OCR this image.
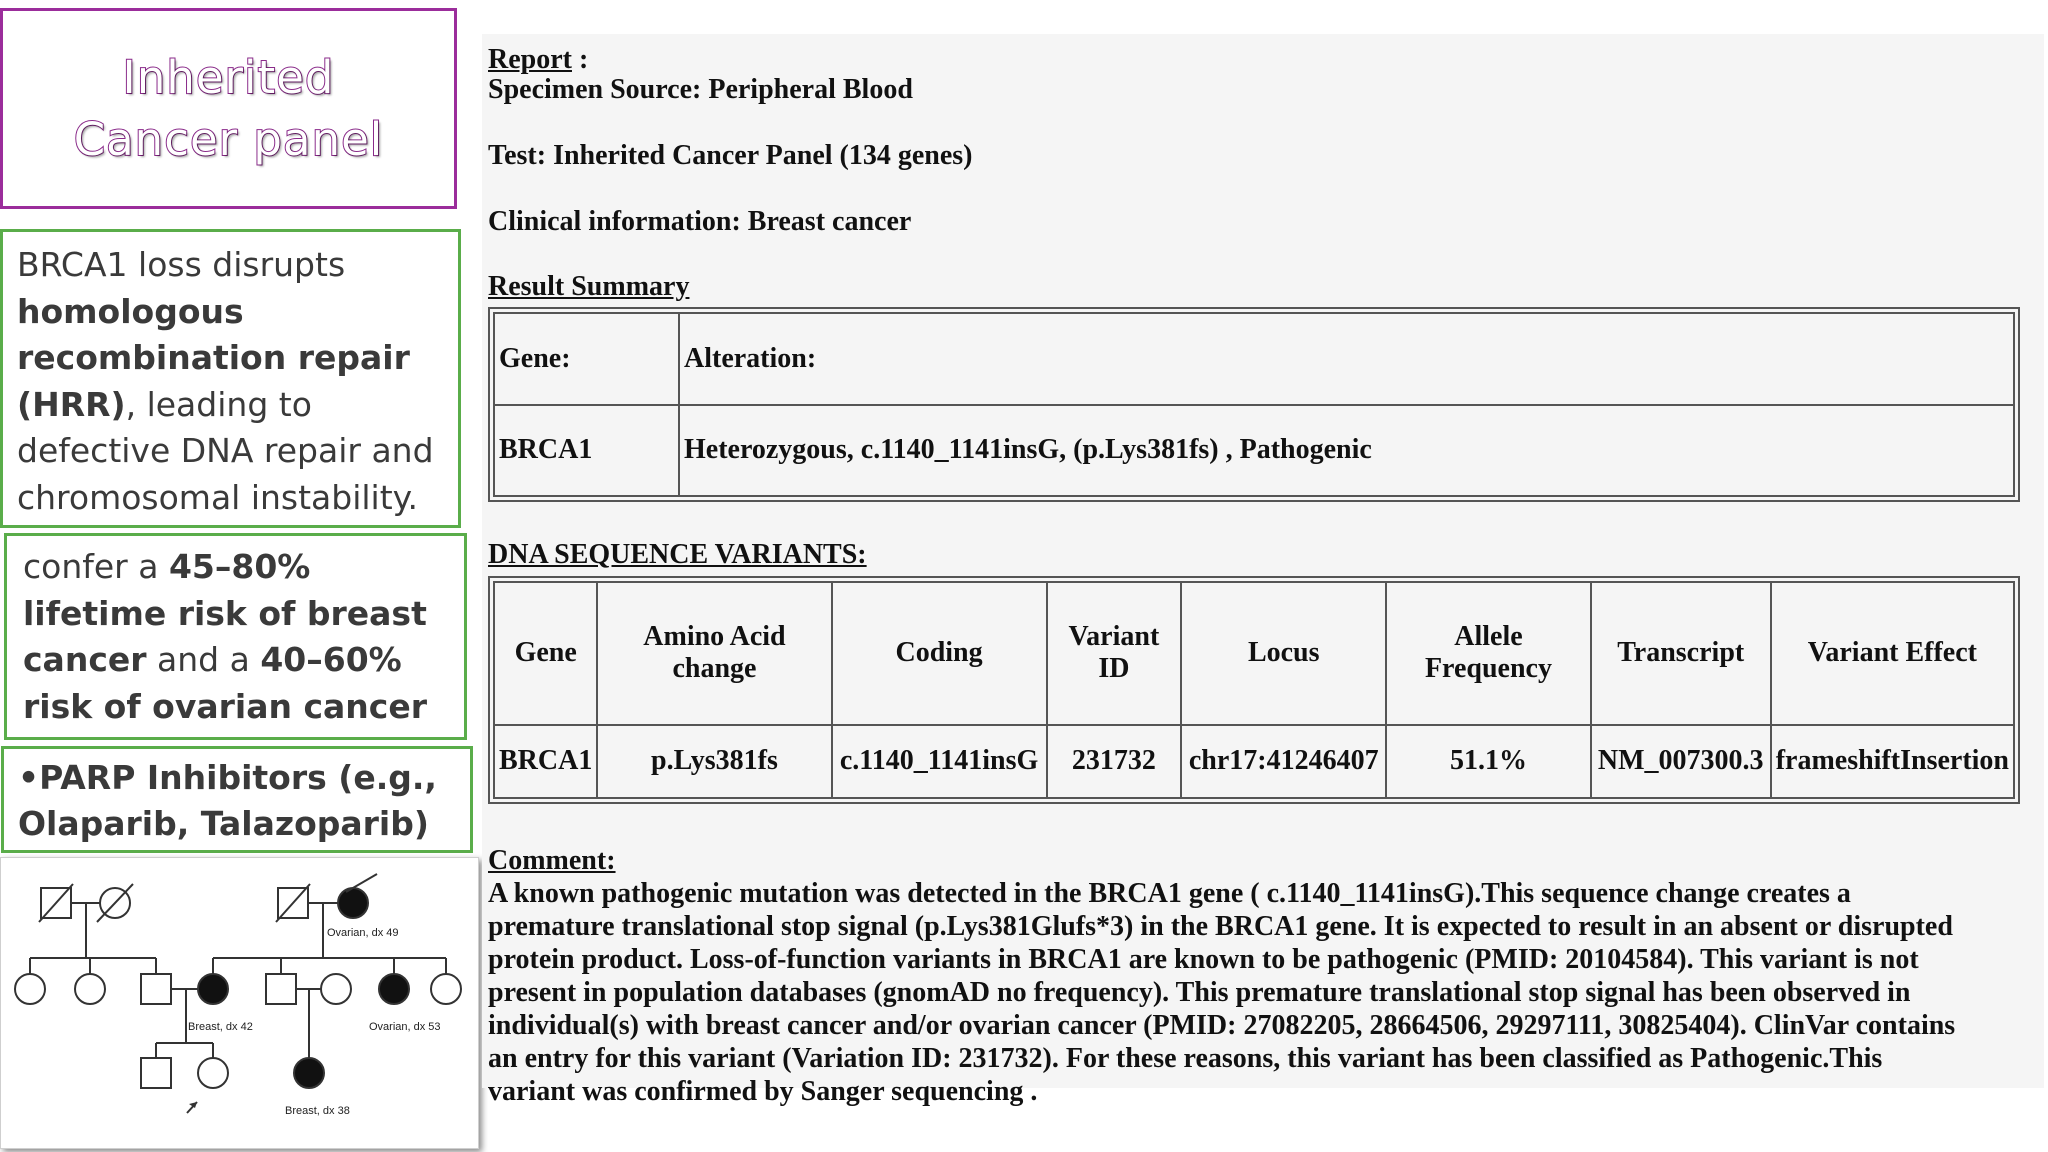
Inherited Cancer panel
BRCA1 loss disrupts homologous recombination repair (HRR), leading to defective DNA repair and chromosomal instability.
confer a 45–80% lifetime risk of breast cancer and a 40–60% risk of ovarian cancer
•PARP Inhibitors (e.g., Olaparib, Talazoparib)
Ovarian, dx 49
Breast, dx 42	Ovarian, dx 53
Breast, dx 38
Report :
Specimen Source: Peripheral Blood
Test: Inherited Cancer Panel (134 genes)
Clinical information: Breast cancer
Result Summary
Gene:	Alteration:
BRCA1	Heterozygous, c.1140_1141insG, (p.Lys381fs) , Pathogenic
DNA SEQUENCE VARIANTS:
Gene	Amino Acid change	Coding	Variant ID	Locus	Allele Frequency	Transcript	Variant Effect
BRCA1	p.Lys381fs	c.1140_1141insG	231732	chr17:41246407	51.1%	NM_007300.3	frameshiftInsertion
Comment:
A known pathogenic mutation was detected in the BRCA1 gene ( c.1140_1141insG).This sequence change creates a
premature translational stop signal (p.Lys381Glufs*3) in the BRCA1 gene. It is expected to result in an absent or disrupted
protein product. Loss-of-function variants in BRCA1 are known to be pathogenic (PMID: 20104584). This variant is not
present in population databases (gnomAD no frequency). This premature translational stop signal has been observed in
individual(s) with breast cancer and/or ovarian cancer (PMID: 27082205, 28664506, 29297111, 30825404). ClinVar contains
an entry for this variant (Variation ID: 231732). For these reasons, this variant has been classified as Pathogenic.This
variant was confirmed by Sanger sequencing .
